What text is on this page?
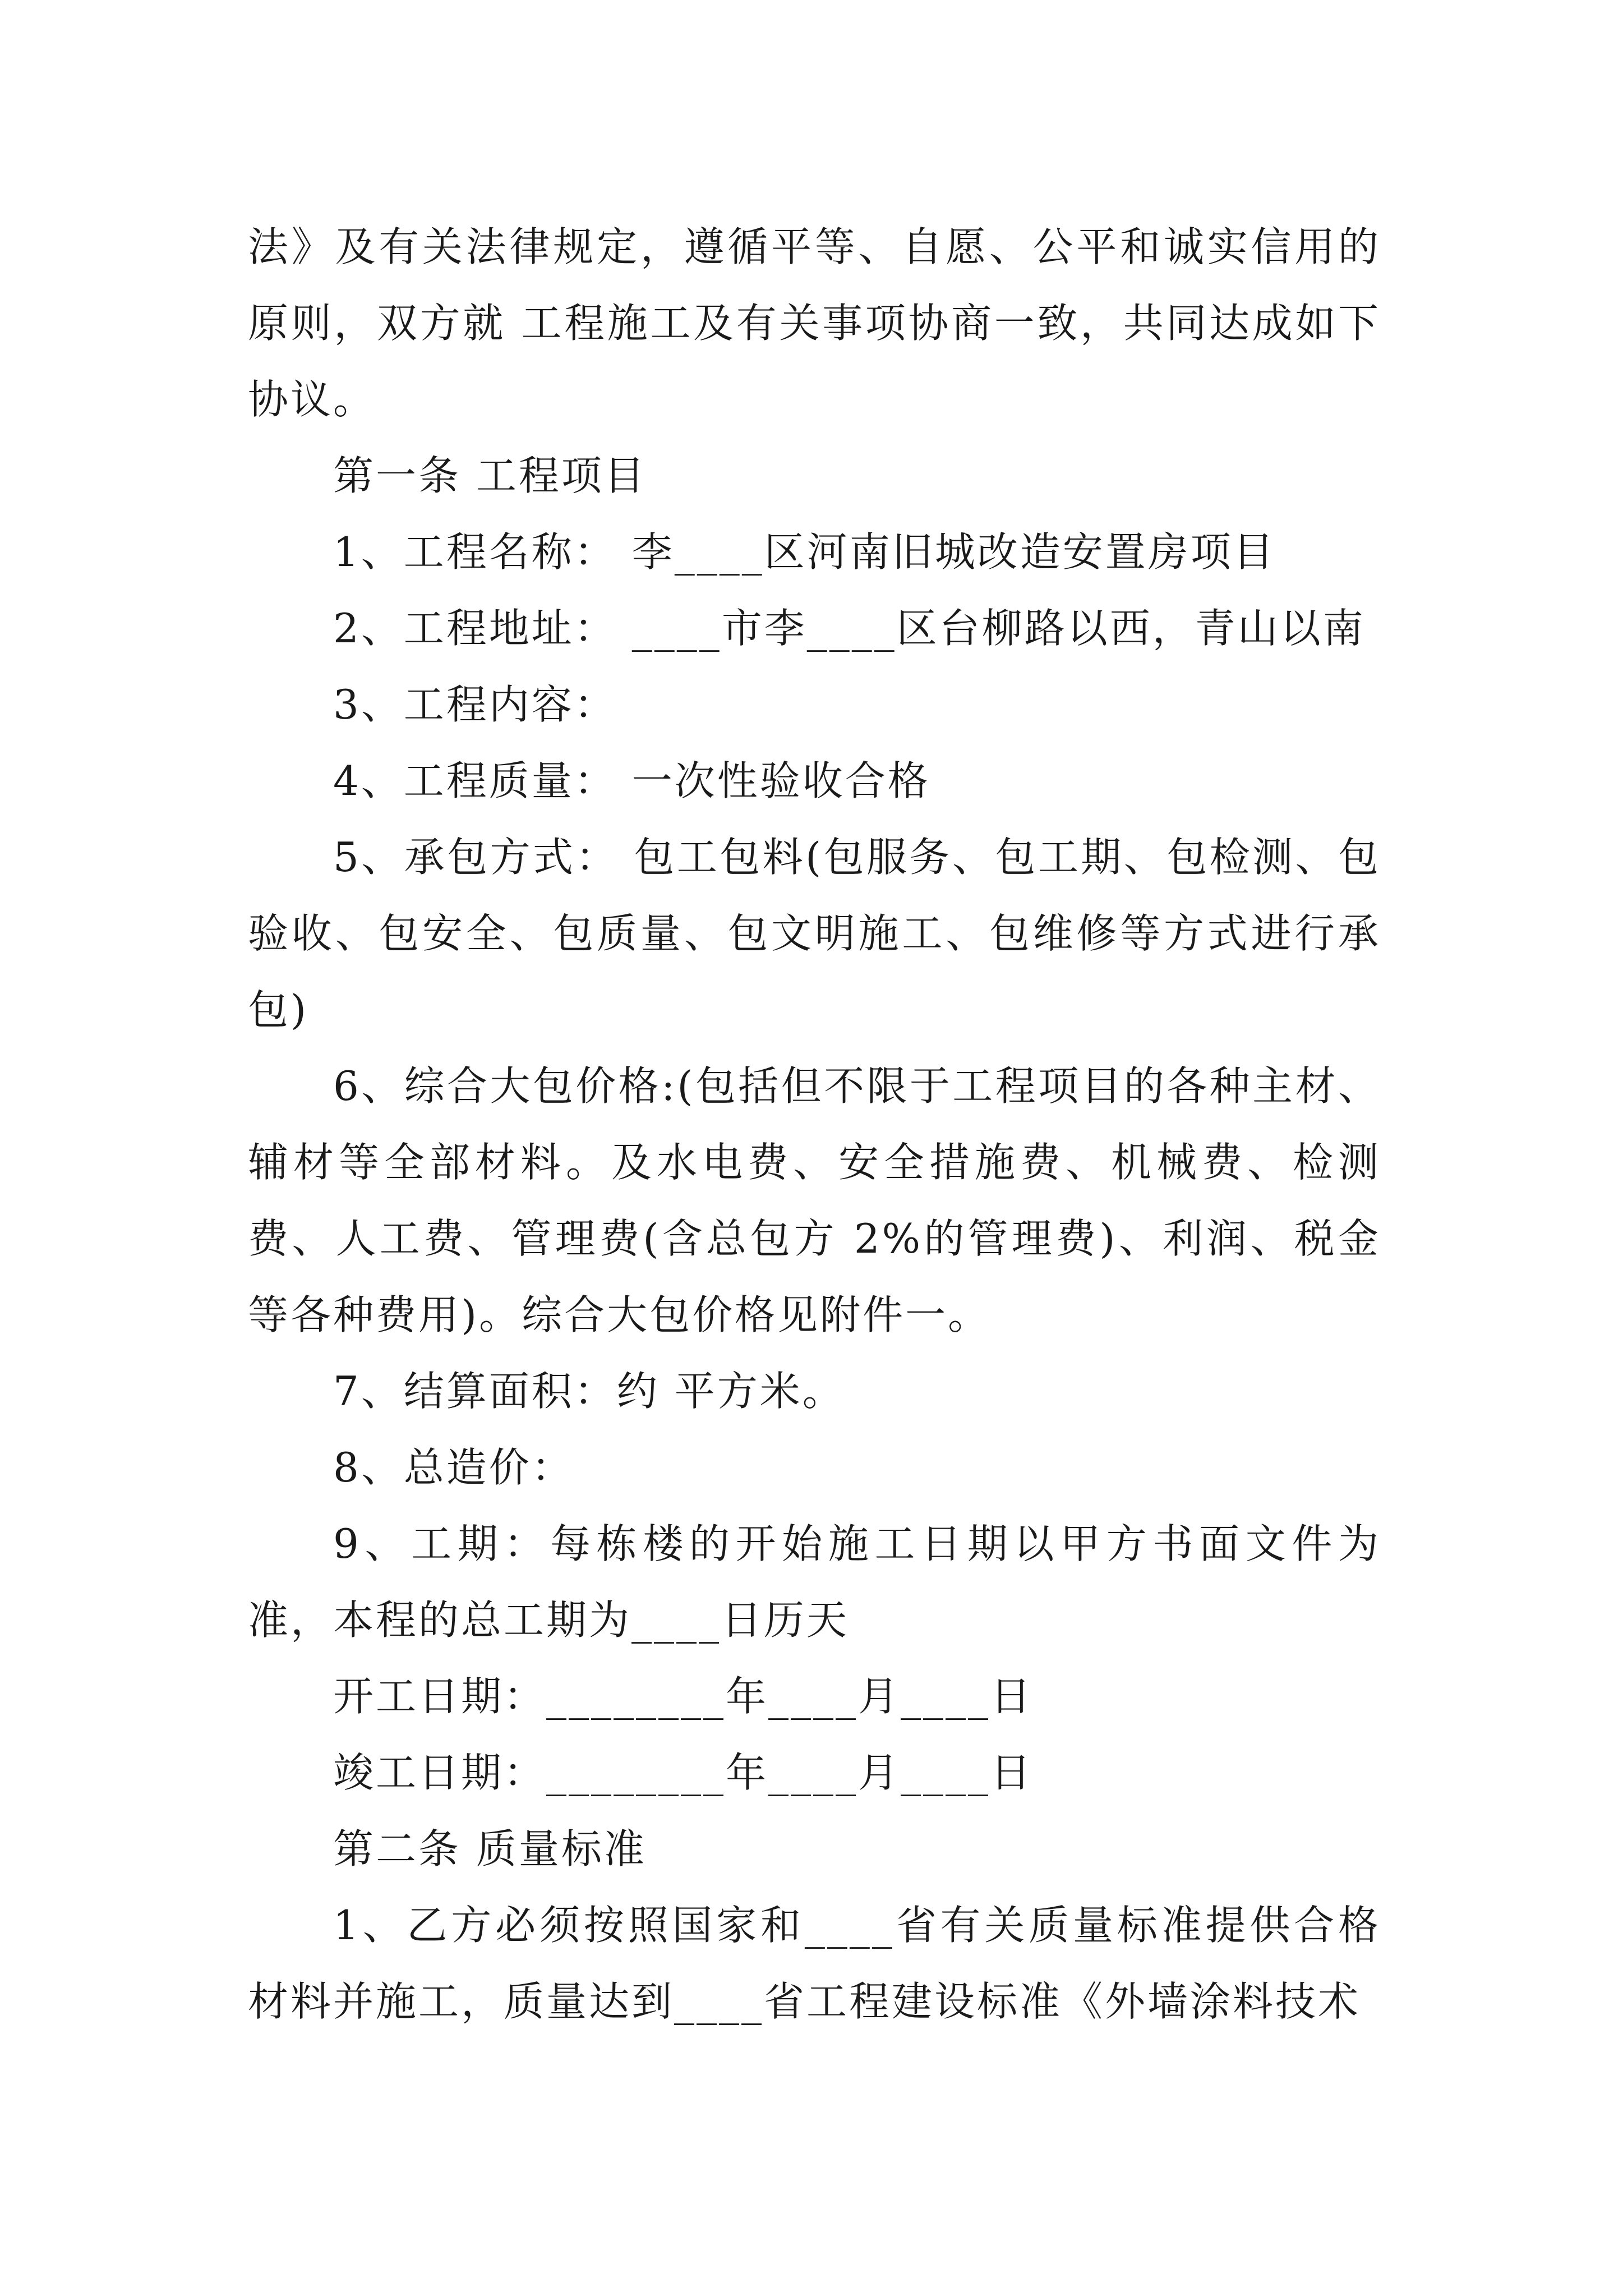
法》及有关法律规定，遵循平等、自愿、公平和诚实信用的原则，双方就 工程施工及有关事项协商一致，共同达成如下协议。

第一条 工程项目

1、工程名称： 李____区河南旧城改造安置房项目

2、工程地址： ____市李____区台柳路以西，青山以南

3、工程内容：

4、工程质量： 一次性验收合格

5、承包方式： 包工包料(包服务、包工期、包检测、包验收、包安全、包质量、包文明施工、包维修等方式进行承包)

6、综合大包价格:(包括但不限于工程项目的各种主材、辅材等全部材料。及水电费、安全措施费、机械费、检测费、人工费、管理费(含总包方 2%的管理费)、利润、税金等各种费用)。综合大包价格见附件一。

7、结算面积：约 平方米。

8、总造价：

9、工期：每栋楼的开始施工日期以甲方书面文件为准，本程的总工期为____日历天

开工日期：________年____月____日

竣工日期：________年____月____日

第二条 质量标准

1、乙方必须按照国家和____省有关质量标准提供合格材料并施工，质量达到____省工程建设标准《外墙涂料技术
